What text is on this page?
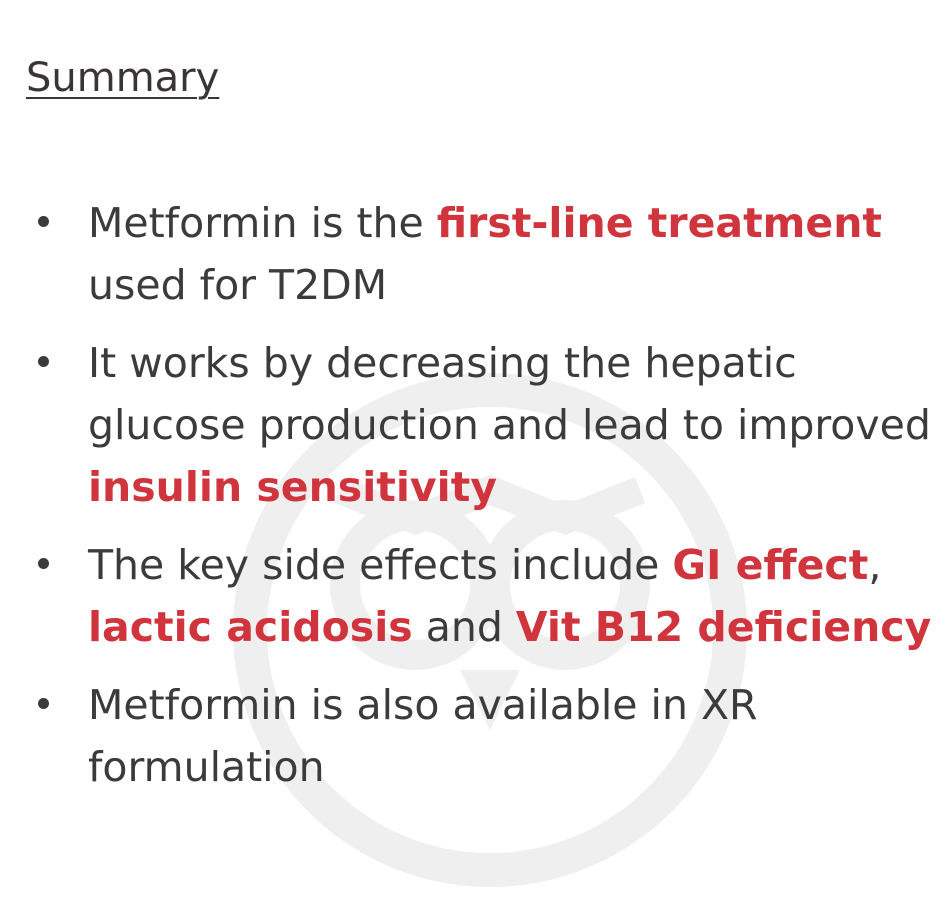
Summary
Metformin is the first-line treatment used for T2DM
It works by decreasing the hepatic glucose production and lead to improved insulin sensitivity
The key side effects include GI effect, lactic acidosis and Vit B12 deficiency
Metformin is also available in XR formulation
